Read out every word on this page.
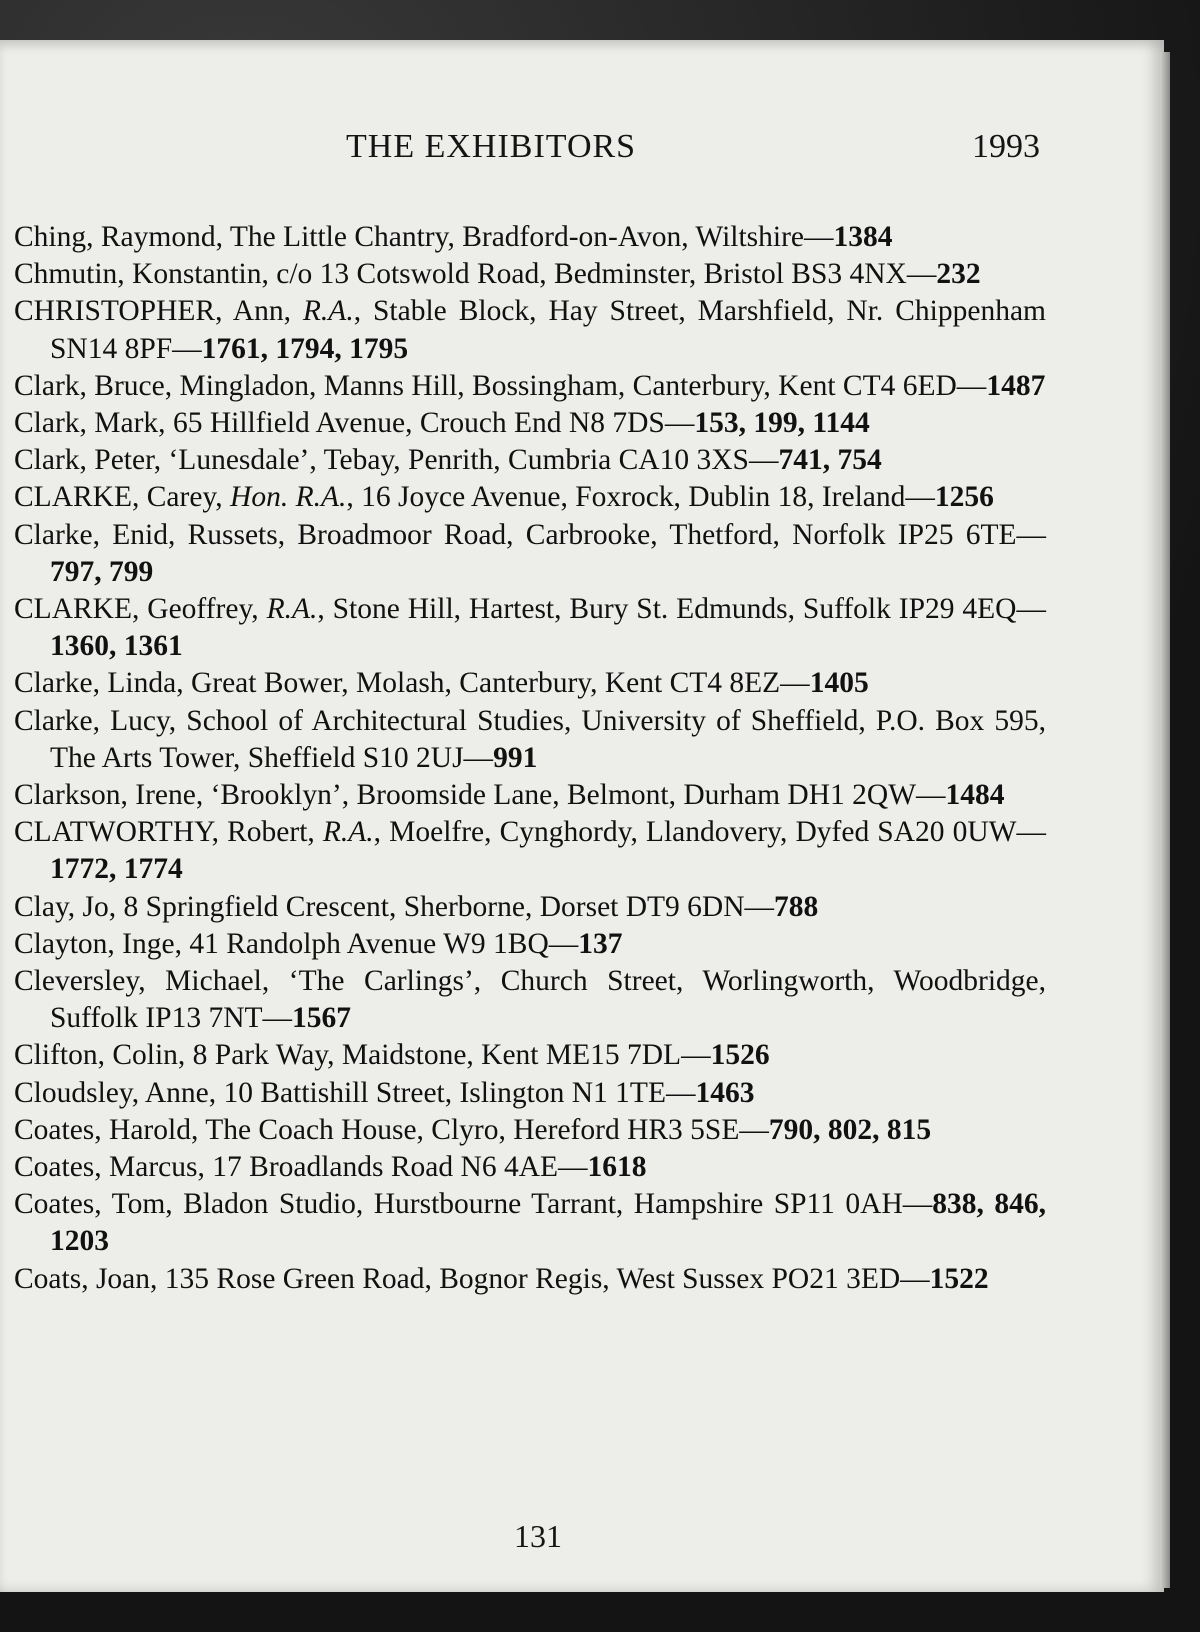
THE EXHIBITORS	1993

Ching, Raymond, The Little Chantry, Bradford-on-Avon, Wiltshire—1384

Chmutin, Konstantin, c/o 13 Cotswold Road, Bedminster, Bristol BS3 4NX—232

CHRISTOPHER, Ann, R.A., Stable Block, Hay Street, Marshfield, Nr. Chippenham SN14 8PF—1761, 1794, 1795

Clark, Bruce, Mingladon, Manns Hill, Bossingham, Canterbury, Kent CT4 6ED—1487

Clark, Mark, 65 Hillfield Avenue, Crouch End N8 7DS—153, 199, 1144

Clark, Peter, ‘Lunesdale’, Tebay, Penrith, Cumbria CA10 3XS—741, 754

CLARKE, Carey, Hon. R.A., 16 Joyce Avenue, Foxrock, Dublin 18, Ireland—1256

Clarke, Enid, Russets, Broadmoor Road, Carbrooke, Thetford, Norfolk IP25 6TE—797, 799

CLARKE, Geoffrey, R.A., Stone Hill, Hartest, Bury St. Edmunds, Suffolk IP29 4EQ—1360, 1361

Clarke, Linda, Great Bower, Molash, Canterbury, Kent CT4 8EZ—1405

Clarke, Lucy, School of Architectural Studies, University of Sheffield, P.O. Box 595, The Arts Tower, Sheffield S10 2UJ—991

Clarkson, Irene, ‘Brooklyn’, Broomside Lane, Belmont, Durham DH1 2QW—1484

CLATWORTHY, Robert, R.A., Moelfre, Cynghordy, Llandovery, Dyfed SA20 0UW—1772, 1774

Clay, Jo, 8 Springfield Crescent, Sherborne, Dorset DT9 6DN—788

Clayton, Inge, 41 Randolph Avenue W9 1BQ—137

Cleversley, Michael, ‘The Carlings’, Church Street, Worlingworth, Woodbridge, Suffolk IP13 7NT—1567

Clifton, Colin, 8 Park Way, Maidstone, Kent ME15 7DL—1526

Cloudsley, Anne, 10 Battishill Street, Islington N1 1TE—1463

Coates, Harold, The Coach House, Clyro, Hereford HR3 5SE—790, 802, 815

Coates, Marcus, 17 Broadlands Road N6 4AE—1618

Coates, Tom, Bladon Studio, Hurstbourne Tarrant, Hampshire SP11 0AH—838, 846, 1203

Coats, Joan, 135 Rose Green Road, Bognor Regis, West Sussex PO21 3ED—1522

131
